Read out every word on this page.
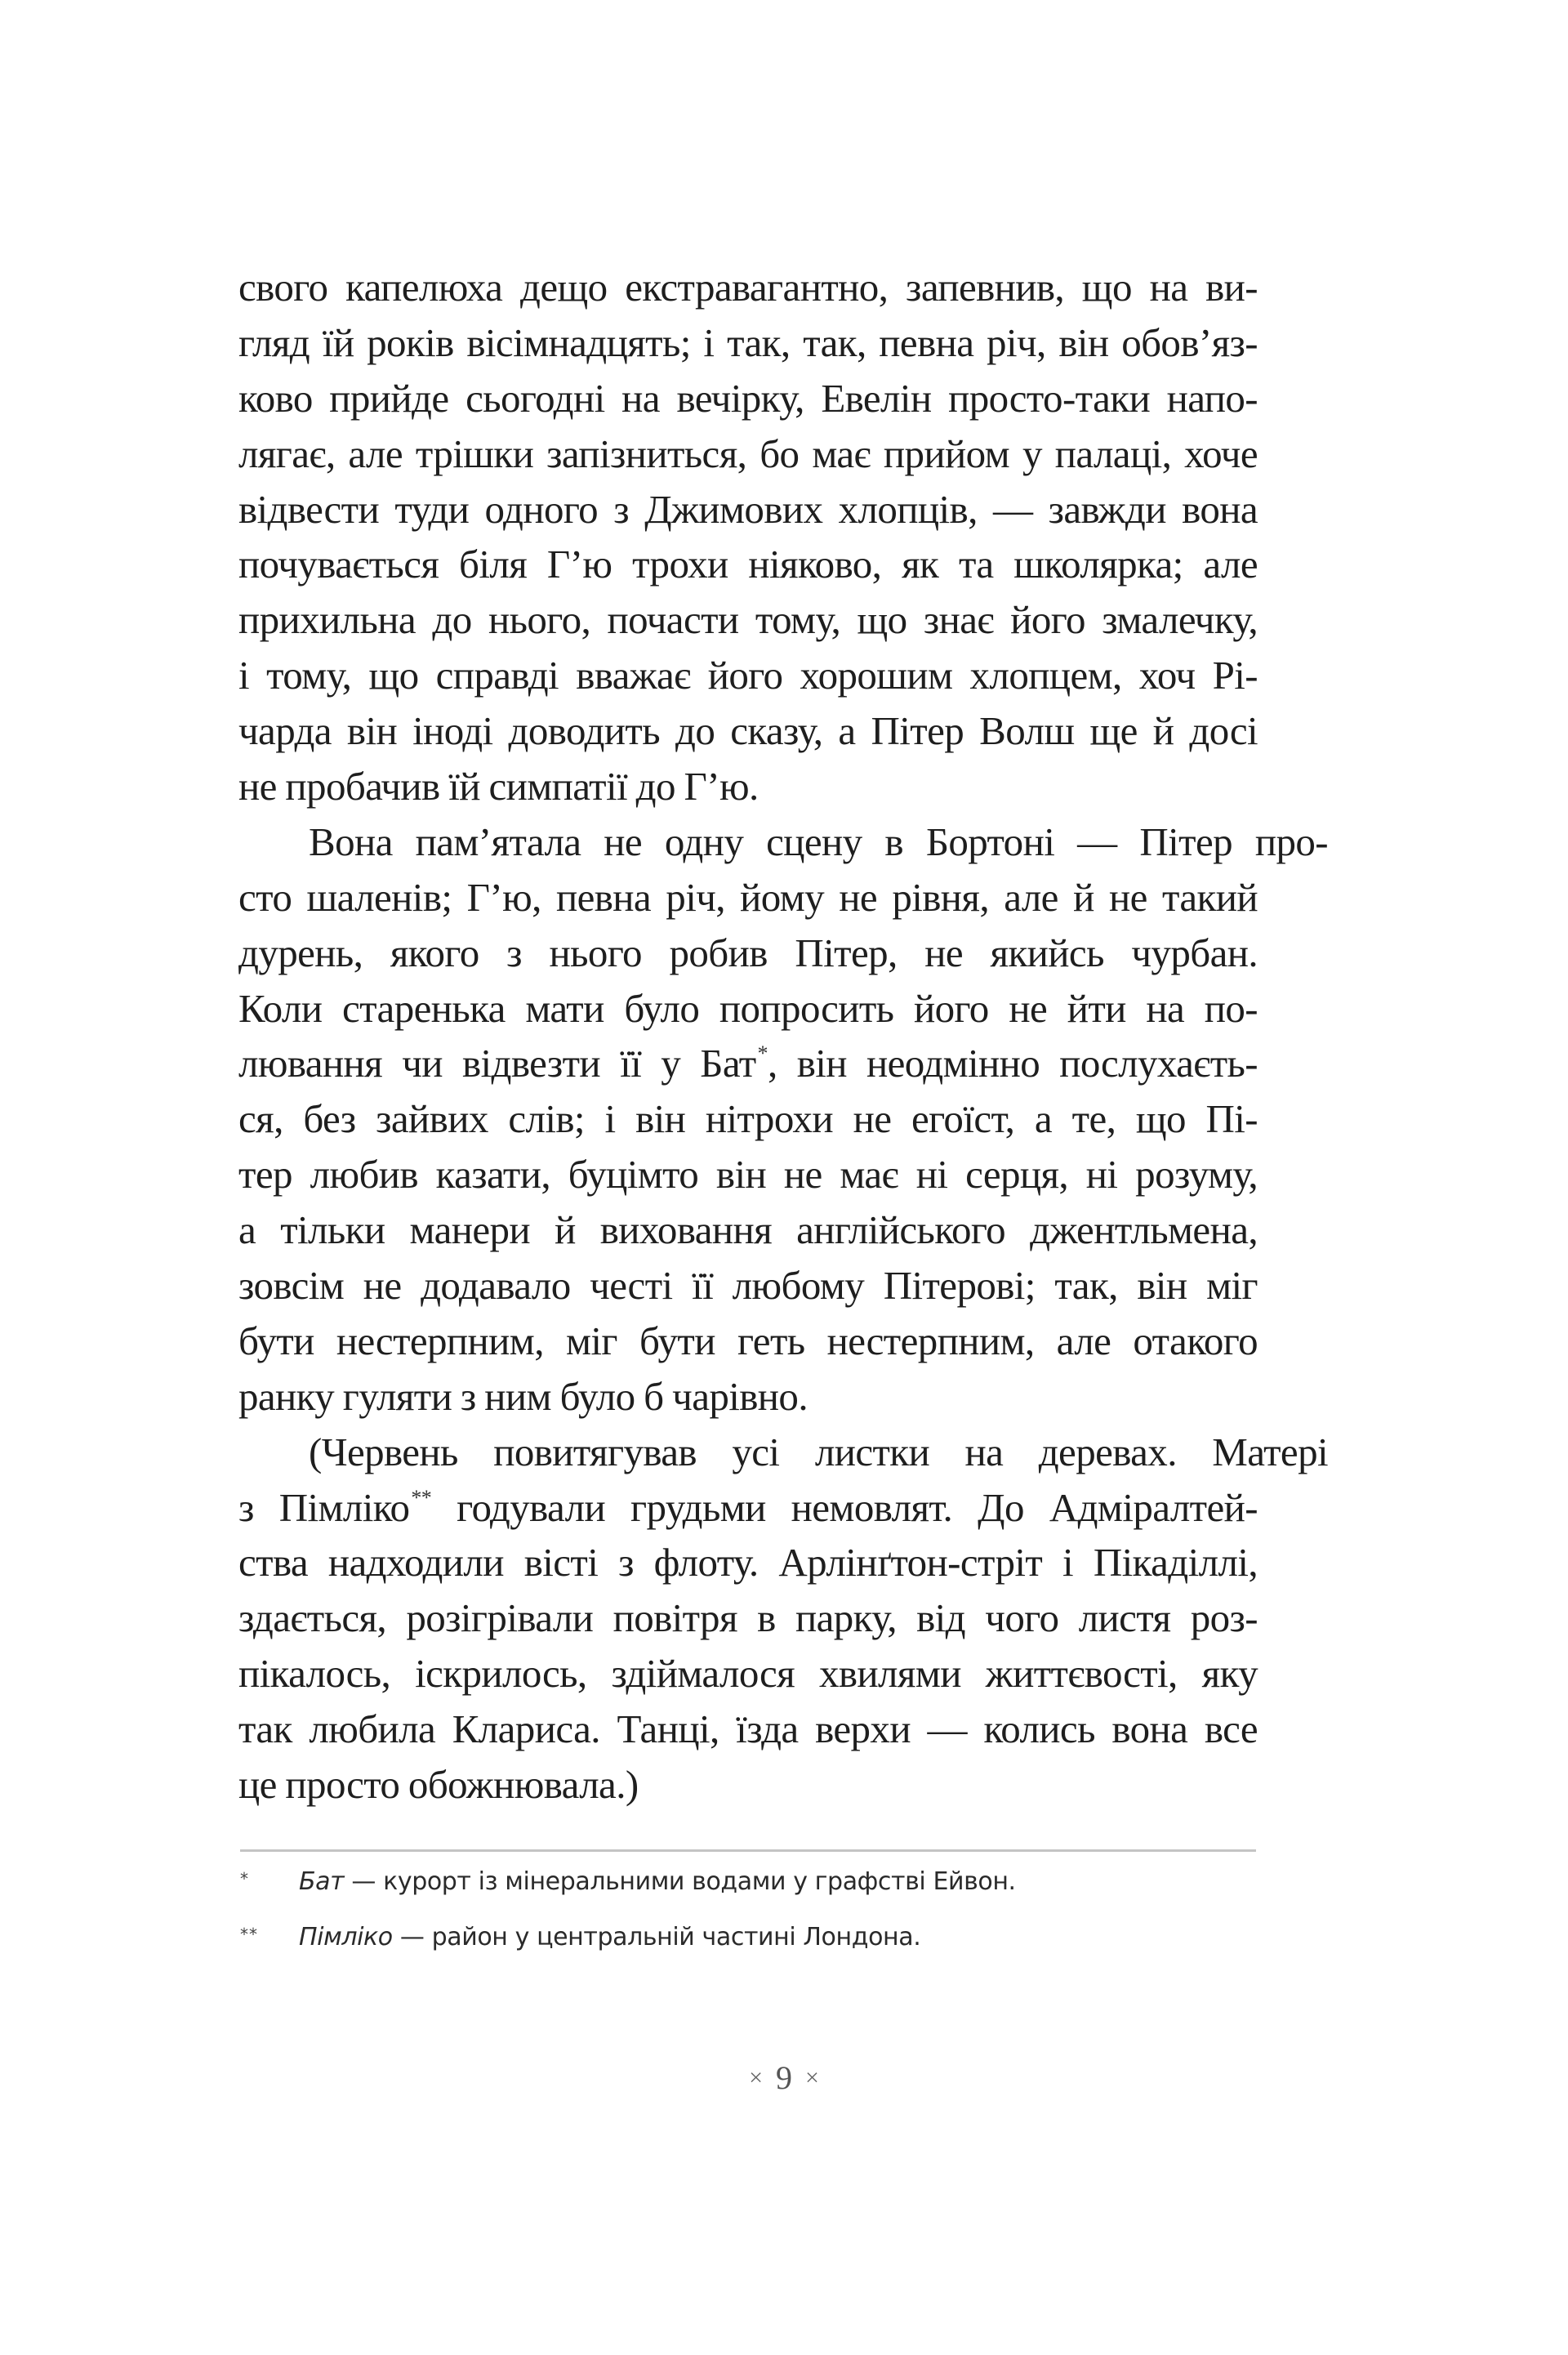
свого капелюха дещо екстравагантно, запевнив, що на ви-
гляд їй років вісімнадцять; і так, так, певна річ, він обов’яз-
ково прийде сьогодні на вечірку, Евелін просто-таки напо-
лягає, але трішки запізниться, бо має прийом у палаці, хоче
відвести туди одного з Джимових хлопців, — завжди вона
почувається біля Г’ю трохи ніяково, як та школярка; але
прихильна до нього, почасти тому, що знає його змалечку,
і тому, що справді вважає його хорошим хлопцем, хоч Рі-
чарда він іноді доводить до сказу, а Пітер Волш ще й досі
не пробачив їй симпатії до Г’ю.
Вона пам’ятала не одну сцену в Бортоні — Пітер про-
сто шаленів; Г’ю, певна річ, йому не рівня, але й не такий
дурень, якого з нього робив Пітер, не якийсь чурбан.
Коли старенька мати було попросить його не йти на по-
лювання чи відвезти її у Бат*, він неодмінно послухаєть-
ся, без зайвих слів; і він нітрохи не егоїст, а те, що Пі-
тер любив казати, буцімто він не має ні серця, ні розуму,
а тільки манери й виховання англійського джентльмена,
зовсім не додавало честі її любому Пітерові; так, він міг
бути нестерпним, міг бути геть нестерпним, але отакого
ранку гуляти з ним було б чарівно.
(Червень повитягував усі листки на деревах. Матері
з Пімліко** годували грудьми немовлят. До Адміралтей-
ства надходили вісті з флоту. Арлінґтон-стріт і Пікаділлі,
здається, розігрівали повітря в парку, від чого листя роз-
пікалось, іскрилось, здіймалося хвилями життєвості, яку
так любила Клариса. Танці, їзда верхи — колись вона все
це просто обожнювала.)
* Бат — курорт із мінеральними водами у графстві Ейвон.
** Пімліко — район у центральній частині Лондона.
× 9 ×
